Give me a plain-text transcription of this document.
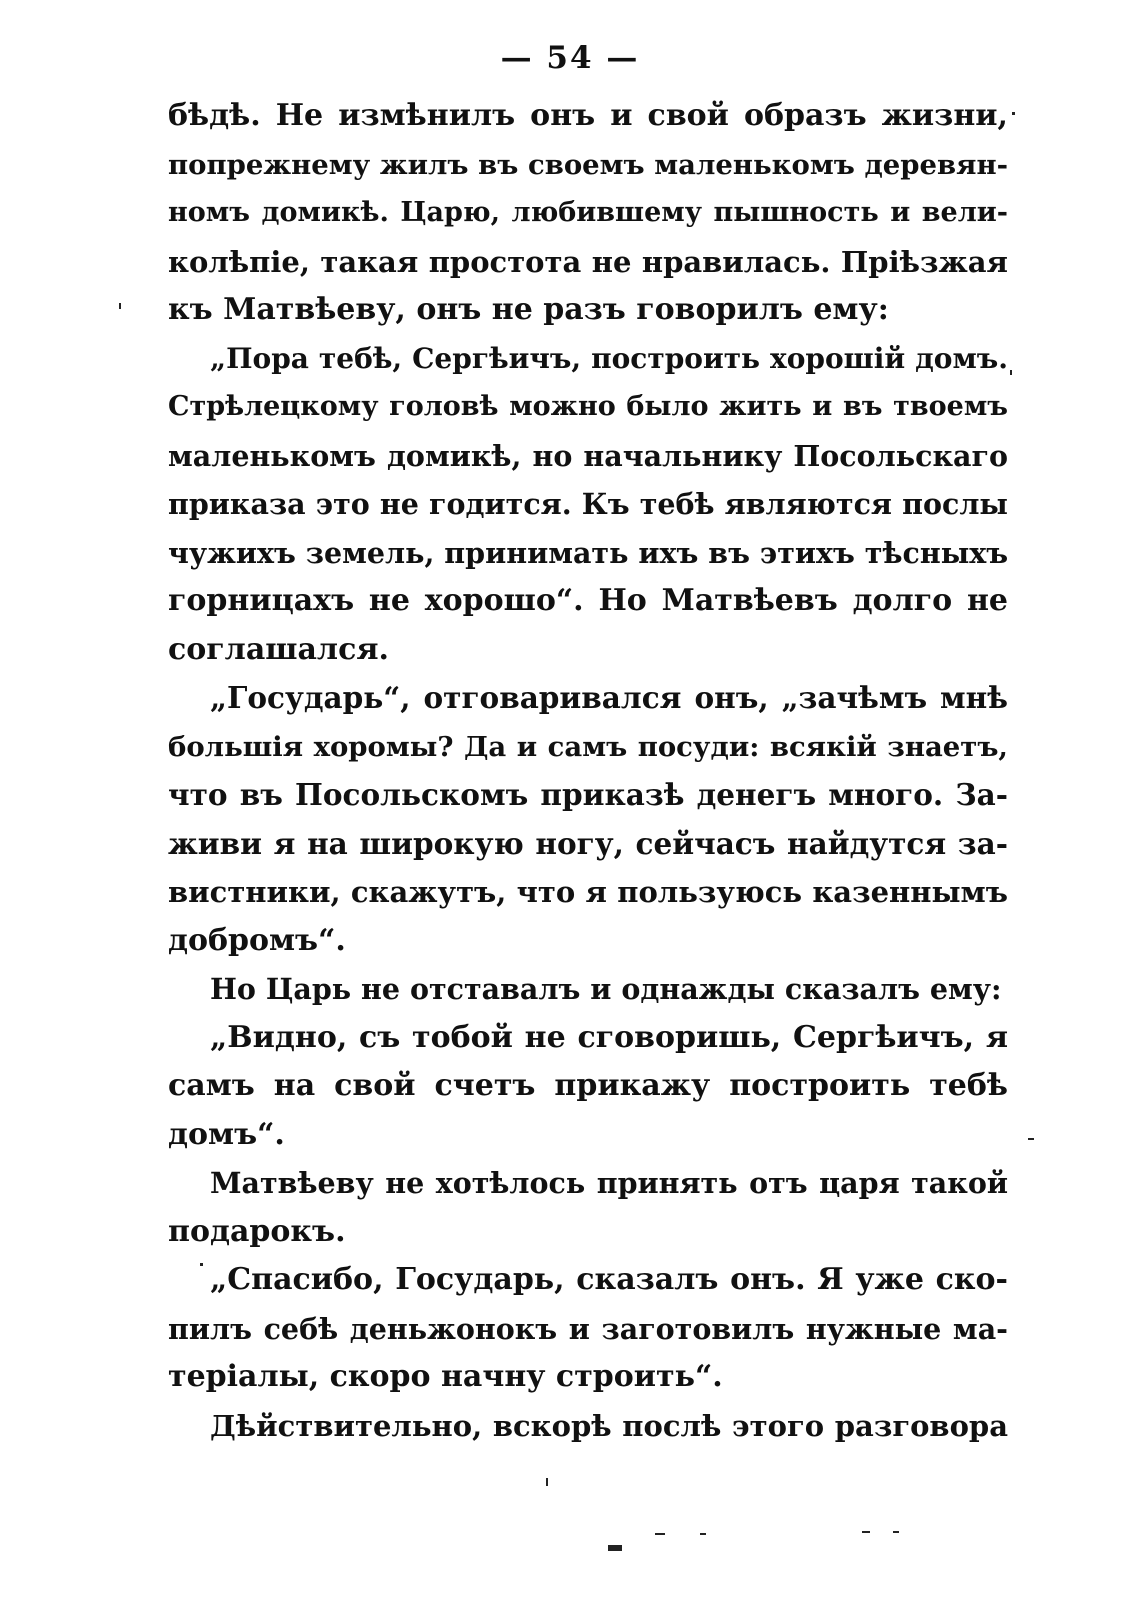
— 54 —
бѣдѣ. Не измѣнилъ онъ и свой образъ жизни,
попрежнему жилъ въ своемъ маленькомъ деревян-
номъ домикѣ. Царю, любившему пышность и вели-
колѣпіе, такая простота не нравилась. Пріѣзжая
къ Матвѣеву, онъ не разъ говорилъ ему:
„Пора тебѣ, Сергѣичъ, построить хорошій домъ.
Стрѣлецкому головѣ можно было жить и въ твоемъ
маленькомъ домикѣ, но начальнику Посольскаго
приказа это не годится. Къ тебѣ являются послы
чужихъ земель, принимать ихъ въ этихъ тѣсныхъ
горницахъ не хорошо“. Но Матвѣевъ долго не
соглашался.
„Государь“, отговаривался онъ, „зачѣмъ мнѣ
большія хоромы? Да и самъ посуди: всякій знаетъ,
что въ Посольскомъ приказѣ денегъ много. За-
живи я на широкую ногу, сейчасъ найдутся за-
вистники, скажутъ, что я пользуюсь казеннымъ
добромъ“.
Но Царь не отставалъ и однажды сказалъ ему:
„Видно, съ тобой не сговоришь, Сергѣичъ, я
самъ на свой счетъ прикажу построить тебѣ
домъ“.
Матвѣеву не хотѣлось принять отъ царя такой
подарокъ.
„Спасибо, Государь, сказалъ онъ. Я уже ско-
пилъ себѣ деньжонокъ и заготовилъ нужные ма-
теріалы, скоро начну строить“.
Дѣйствительно, вскорѣ послѣ этого разговора
